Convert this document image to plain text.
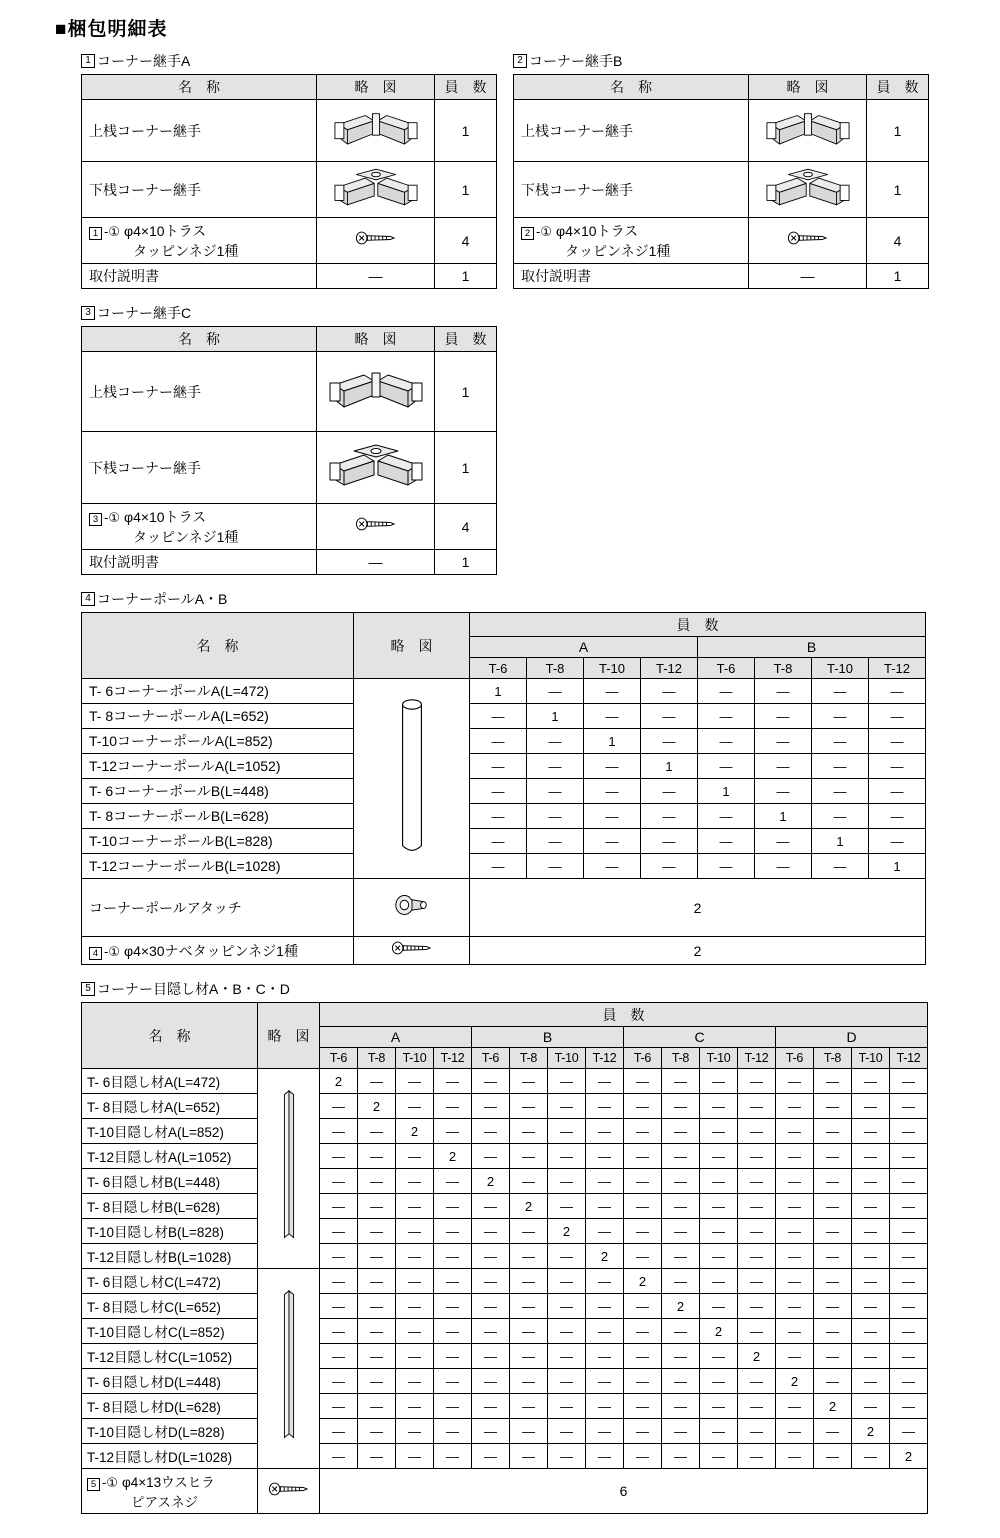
■梱包明細表
1 コーナー継手A
名　称	略　図	員　数
上桟コーナー継手		1
下桟コーナー継手		1

1 -① φ4×10トラス
タッピンネジ1種		4
取付説明書	—	1
2 コーナー継手B
名　称	略　図	員　数
上桟コーナー継手		1
下桟コーナー継手		1

2 -① φ4×10トラス
タッピンネジ1種		4
取付説明書	—	1
3 コーナー継手C
名　称	略　図	員　数
上桟コーナー継手		1
下桟コーナー継手		1

3 -① φ4×10トラス
タッピンネジ1種		4
取付説明書	—	1
4 コーナーポールA・B
名　称	略　図	員　数							
		A				B			
		T-6	T-8	T-10	T-12	T-6	T-8	T-10	T-12
T- 6コーナーポールA(L=472)		1	—	—	—	—	—	—	—
T- 8コーナーポールA(L=652)		—	1	—	—	—	—	—	—
T-10コーナーポールA(L=852)		—	—	1	—	—	—	—	—
T-12コーナーポールA(L=1052)		—	—	—	1	—	—	—	—
T- 6コーナーポールB(L=448)		—	—	—	—	1	—	—	—
T- 8コーナーポールB(L=628)		—	—	—	—	—	1	—	—
T-10コーナーポールB(L=828)		—	—	—	—	—	—	1	—
T-12コーナーポールB(L=1028)		—	—	—	—	—	—	—	1
コーナーポールアタッチ		2							

4 -① φ4×30ナベタッピンネジ1種		2							
5 コーナー目隠し材A・B・C・D
名　称	略　図	員　数															
		A				B				C				D			
		T-6	T-8	T-10	T-12	T-6	T-8	T-10	T-12	T-6	T-8	T-10	T-12	T-6	T-8	T-10	T-12
T- 6目隠し材A(L=472)		2	—	—	—	—	—	—	—	—	—	—	—	—	—	—	—
T- 8目隠し材A(L=652)		—	2	—	—	—	—	—	—	—	—	—	—	—	—	—	—
T-10目隠し材A(L=852)		—	—	2	—	—	—	—	—	—	—	—	—	—	—	—	—
T-12目隠し材A(L=1052)		—	—	—	2	—	—	—	—	—	—	—	—	—	—	—	—
T- 6目隠し材B(L=448)		—	—	—	—	2	—	—	—	—	—	—	—	—	—	—	—
T- 8目隠し材B(L=628)		—	—	—	—	—	2	—	—	—	—	—	—	—	—	—	—
T-10目隠し材B(L=828)		—	—	—	—	—	—	2	—	—	—	—	—	—	—	—	—
T-12目隠し材B(L=1028)		—	—	—	—	—	—	—	2	—	—	—	—	—	—	—	—
T- 6目隠し材C(L=472)		—	—	—	—	—	—	—	—	2	—	—	—	—	—	—	—
T- 8目隠し材C(L=652)		—	—	—	—	—	—	—	—	—	2	—	—	—	—	—	—
T-10目隠し材C(L=852)		—	—	—	—	—	—	—	—	—	—	2	—	—	—	—	—
T-12目隠し材C(L=1052)		—	—	—	—	—	—	—	—	—	—	—	2	—	—	—	—
T- 6目隠し材D(L=448)		—	—	—	—	—	—	—	—	—	—	—	—	2	—	—	—
T- 8目隠し材D(L=628)		—	—	—	—	—	—	—	—	—	—	—	—	—	2	—	—
T-10目隠し材D(L=828)		—	—	—	—	—	—	—	—	—	—	—	—	—	—	2	—
T-12目隠し材D(L=1028)		—	—	—	—	—	—	—	—	—	—	—	—	—	—	—	2

5 -① φ4×13ウスヒラ
ピアスネジ		6															
